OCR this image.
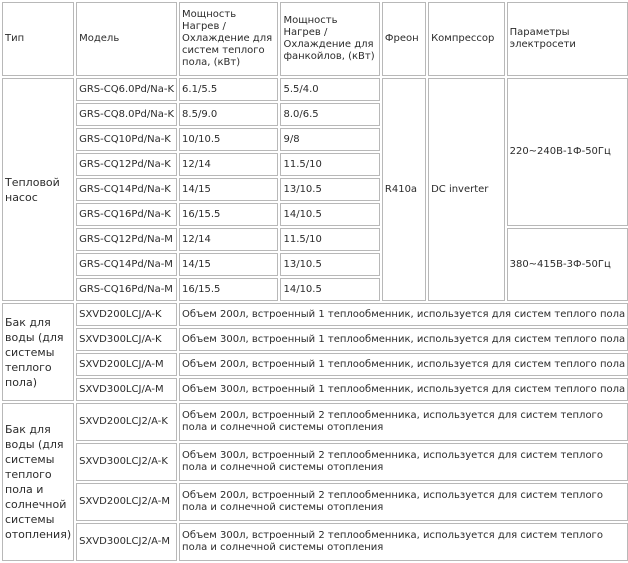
Тип	Модель	Мощность Нагрев / Охлаждение для систем теплого пола, (кВт)	Мощность Нагрев / Охлаждение для фанкойлов, (кВт)	Фреон	Компрессор	Параметры электросети
Тепловой насос	GRS-CQ6.0Pd/Na-K	6.1/5.5	5.5/4.0	R410a	DC inverter	220~240В-1Ф-50Гц
	GRS-CQ8.0Pd/Na-K	8.5/9.0	8.0/6.5			
	GRS-CQ10Pd/Na-K	10/10.5	9/8			
	GRS-CQ12Pd/Na-K	12/14	11.5/10			
	GRS-CQ14Pd/Na-K	14/15	13/10.5			
	GRS-CQ16Pd/Na-K	16/15.5	14/10.5			
	GRS-CQ12Pd/Na-M	12/14	11.5/10			380~415В-3Ф-50Гц
	GRS-CQ14Pd/Na-M	14/15	13/10.5			
	GRS-CQ16Pd/Na-M	16/15.5	14/10.5			
Бак для воды (для системы теплого пола)	SXVD200LCJ/A-K	Объем 200л, встроенный 1 теплообменник, используется для систем теплого пола				
	SXVD300LCJ/A-K	Объем 300л, встроенный 1 теплообменник, используется для систем теплого пола				
	SXVD200LCJ/A-M	Объем 200л, встроенный 1 теплообменник, используется для систем теплого пола				
	SXVD300LCJ/A-M	Объем 300л, встроенный 1 теплообменник, используется для систем теплого пола				
Бак для воды (для системы теплого пола и солнечной системы отопления)	SXVD200LCJ2/A-K	Объем 200л, встроенный 2 теплообменника, используется для систем теплого пола и солнечной системы отопления				
	SXVD300LCJ2/A-K	Объем 300л, встроенный 2 теплообменника, используется для систем теплого пола и солнечной системы отопления				
	SXVD200LCJ2/A-M	Объем 200л, встроенный 2 теплообменника, используется для систем теплого пола и солнечной системы отопления				
	SXVD300LCJ2/A-M	Объем 300л, встроенный 2 теплообменника, используется для систем теплого пола и солнечной системы отопления				
